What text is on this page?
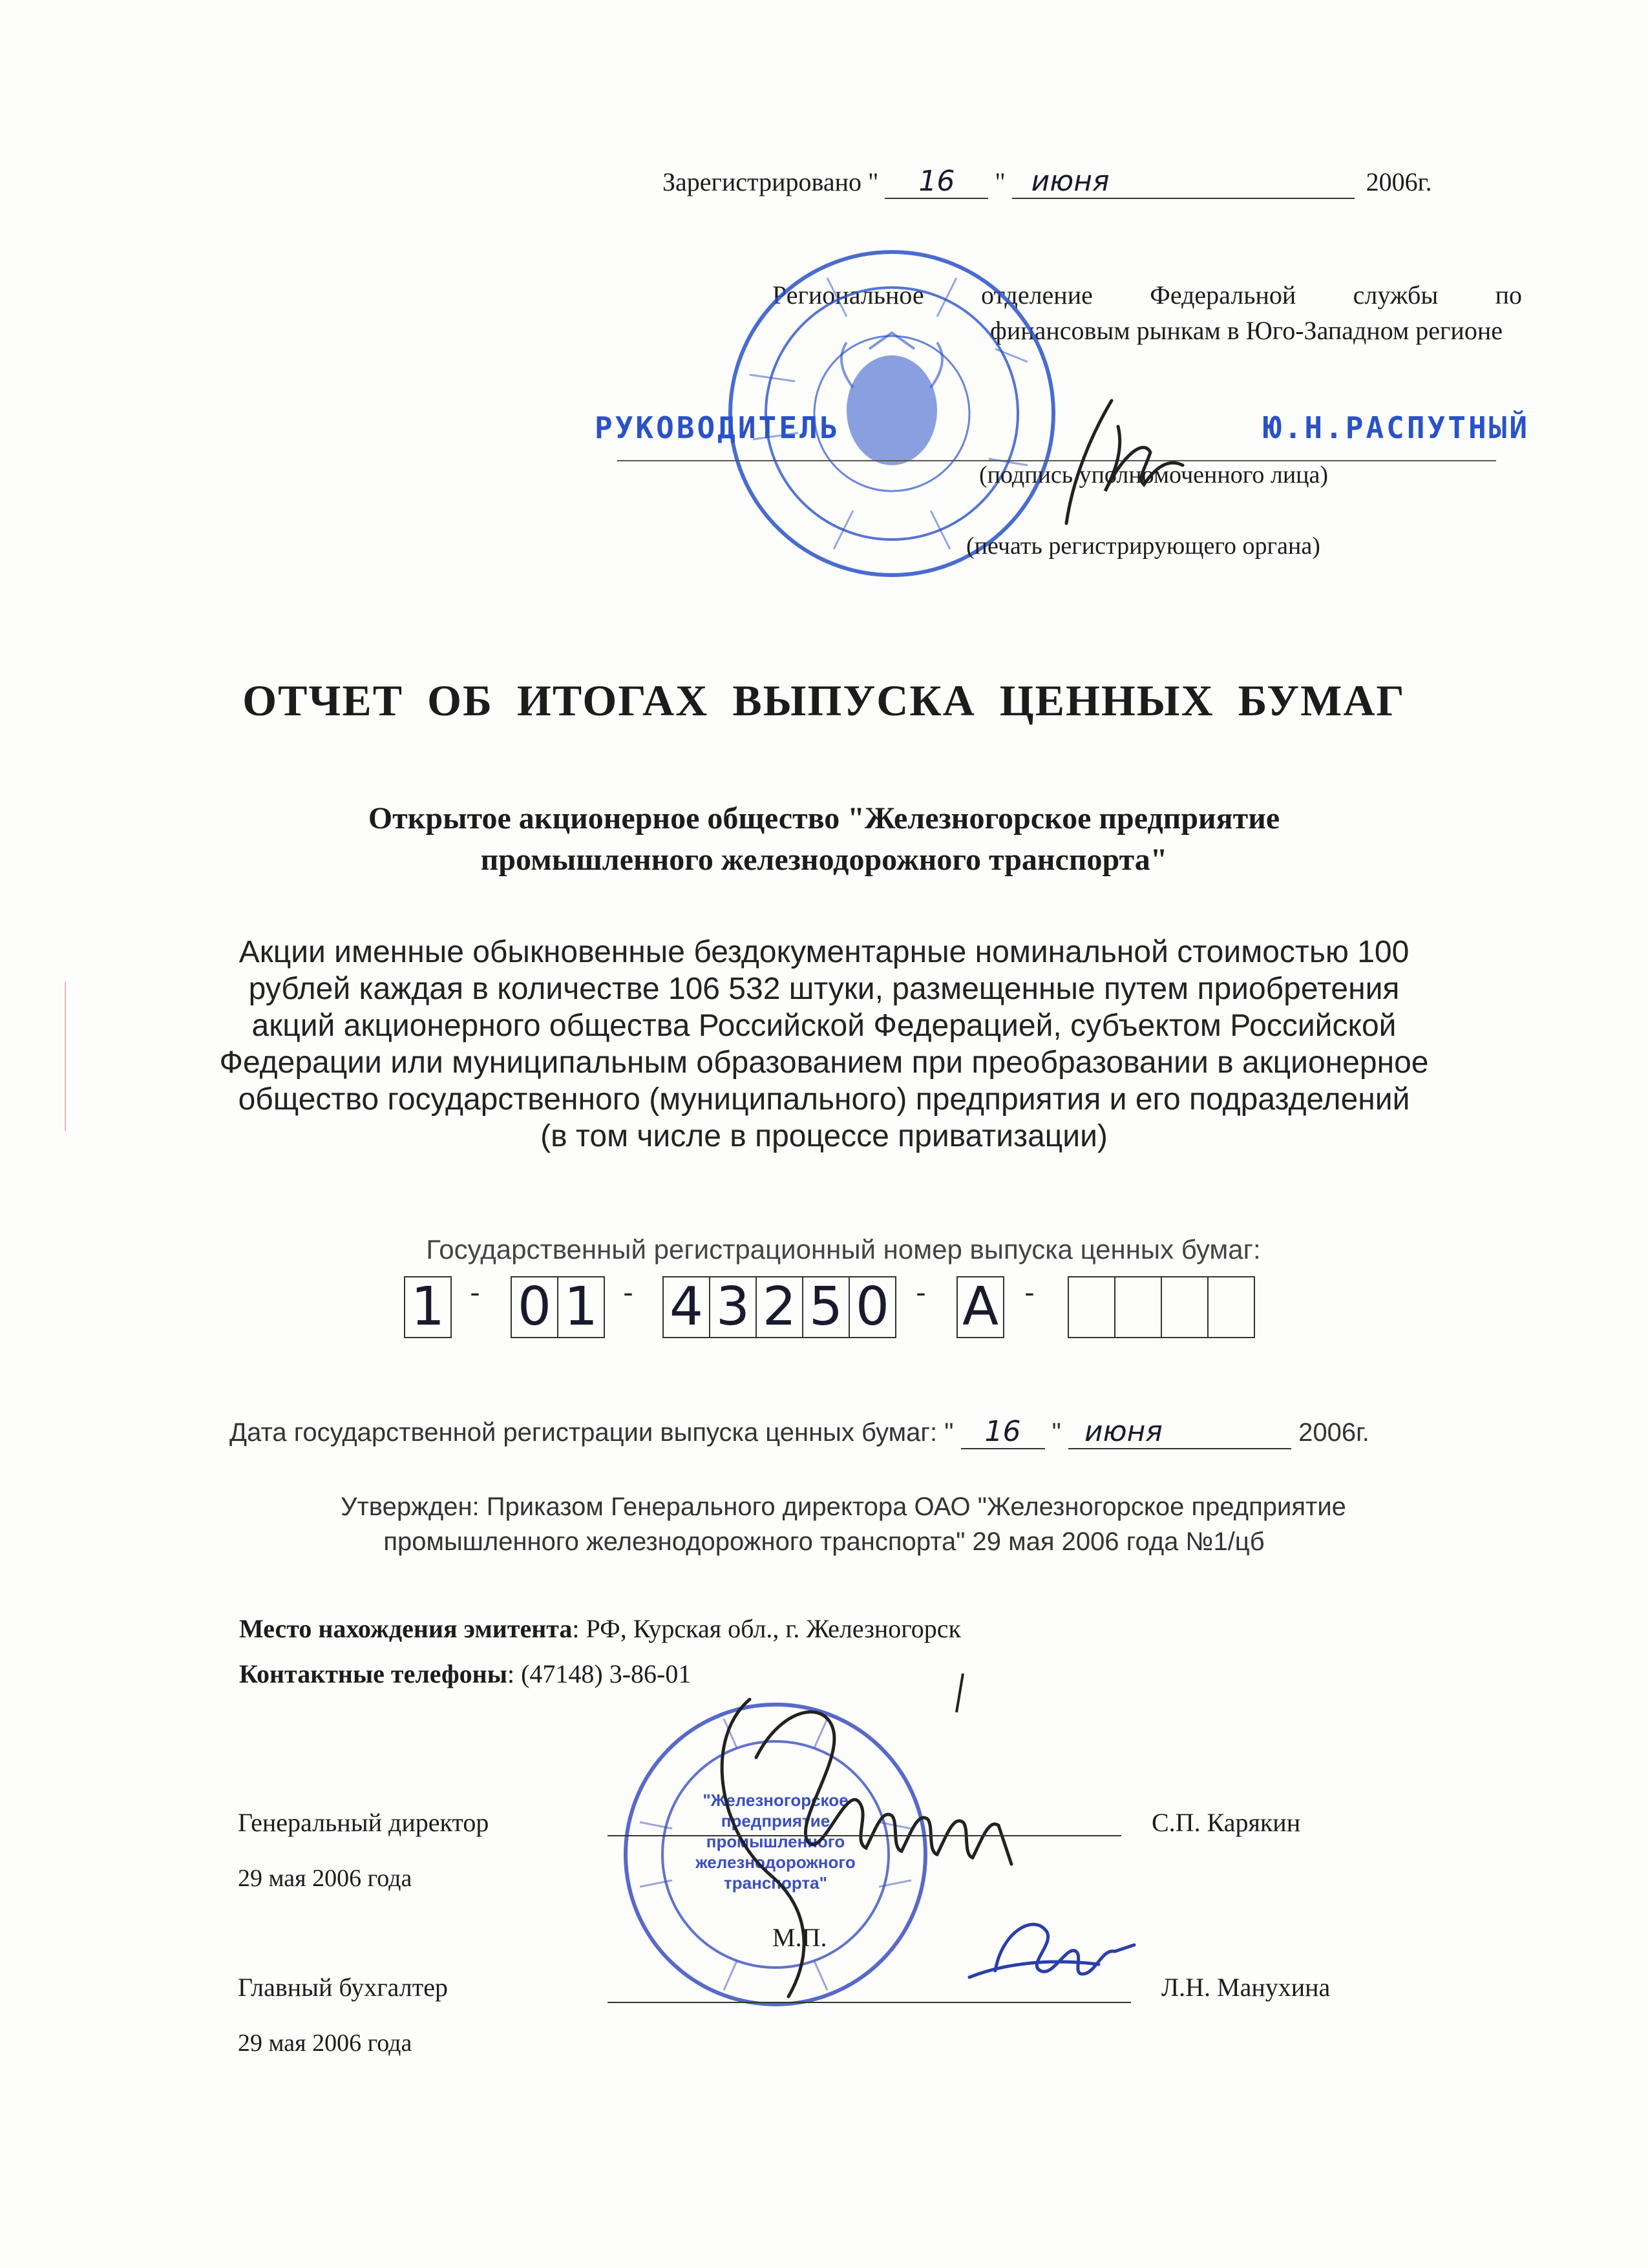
Зарегистрировано " 16 " июня	2006г.
Региональное отделение Федеральной службы по
финансовым рынкам в Юго-Западном регионе
РУКОВОДИТЕЛЬ	Ю.Н.РАСПУТНЫЙ
(подпись уполномоченного лица)
(печать регистрирующего органа)
ОТЧЕТ ОБ ИТОГАХ ВЫПУСКА ЦЕННЫХ БУМАГ
Открытое акционерное общество "Железногорское предприятие
промышленного железнодорожного транспорта"
Акции именные обыкновенные бездокументарные номинальной стоимостью 100
рублей каждая в количестве 106 532 штуки, размещенные путем приобретения
акций акционерного общества Российской Федерацией, субъектом Российской
Федерации или муниципальным образованием при преобразовании в акционерное
общество государственного (муниципального) предприятия и его подразделений
(в том числе в процессе приватизации)
Государственный регистрационный номер выпуска ценных бумаг:
1 - 0 1 - 4 3 2 5 0 - А -
Дата государственной регистрации выпуска ценных бумаг: " 16 " июня	2006г.
Утвержден: Приказом Генерального директора ОАО "Железногорское предприятие
промышленного железнодорожного транспорта" 29 мая 2006 года №1/цб
Место нахождения эмитента: РФ, Курская обл., г. Железногорск
Контактные телефоны: (47148) 3-86-01
"Железногорское
предприятие
промышленного
железнодорожного
транспорта"
Генеральный директор	С.П. Карякин
29 мая 2006 года
М.П.
Главный бухгалтер	Л.Н. Манухина
29 мая 2006 года
